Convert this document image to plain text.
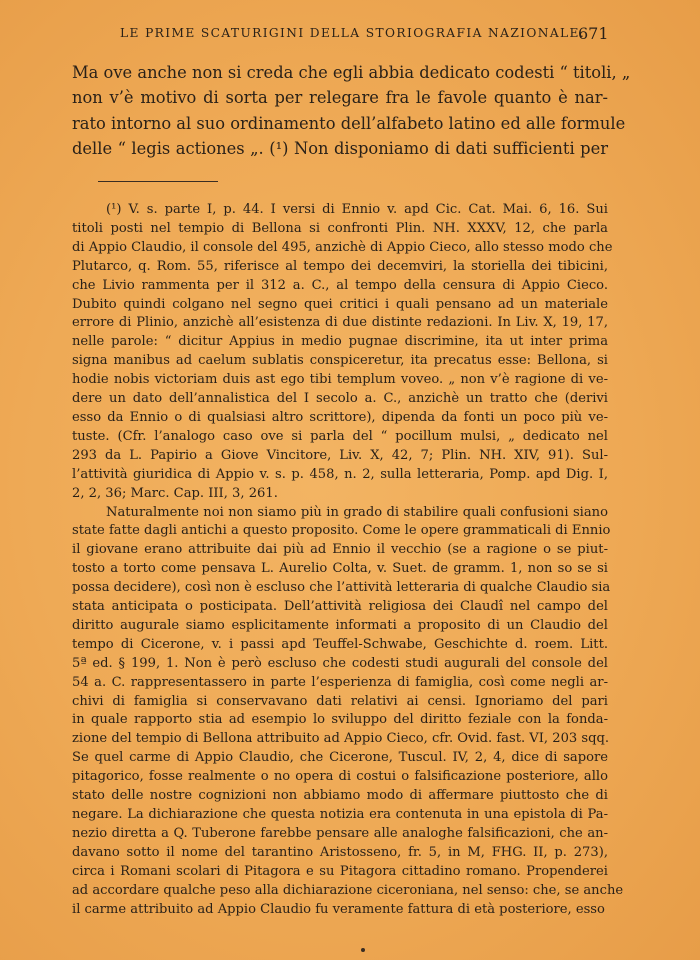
LE PRIME SCATURIGINI DELLA STORIOGRAFIA NAZIONALE.
671
Ma ove anche non si creda che egli abbia dedicato codesti “ titoli, „
non v’è motivo di sorta per relegare fra le favole quanto è nar-
rato intorno al suo ordinamento dell’alfabeto latino ed alle formule
delle “ legis actiones „. (¹) Non disponiamo di dati sufficienti per
(¹) V. s. parte I, p. 44. I versi di Ennio v. apd Cic. Cat. Mai. 6, 16. Sui
titoli posti nel tempio di Bellona si confronti Plin. NH. XXXV, 12, che parla
di Appio Claudio, il console del 495, anzichè di Appio Cieco, allo stesso modo che
Plutarco, q. Rom. 55, riferisce al tempo dei decemviri, la storiella dei tibicini,
che Livio rammenta per il 312 a. C., al tempo della censura di Appio Cieco.
Dubito quindi colgano nel segno quei critici i quali pensano ad un materiale
errore di Plinio, anzichè all’esistenza di due distinte redazioni. In Liv. X, 19, 17,
nelle parole: “ dicitur Appius in medio pugnae discrimine, ita ut inter prima
signa manibus ad caelum sublatis conspiceretur, ita precatus esse: Bellona, si
hodie nobis victoriam duis ast ego tibi templum voveo. „ non v’è ragione di ve-
dere un dato dell’annalistica del I secolo a. C., anzichè un tratto che (derivi
esso da Ennio o di qualsiasi altro scrittore), dipenda da fonti un poco più ve-
tuste. (Cfr. l’analogo caso ove si parla del “ pocillum mulsi, „ dedicato nel
293 da L. Papirio a Giove Vincitore, Liv. X, 42, 7; Plin. NH. XIV, 91). Sul-
l’attività giuridica di Appio v. s. p. 458, n. 2, sulla letteraria, Pomp. apd Dig. I,
2, 2, 36; Marc. Cap. III, 3, 261.
Naturalmente noi non siamo più in grado di stabilire quali confusioni siano
state fatte dagli antichi a questo proposito. Come le opere grammaticali di Ennio
il giovane erano attribuite dai più ad Ennio il vecchio (se a ragione o se piut-
tosto a torto come pensava L. Aurelio Colta, v. Suet. de gramm. 1, non so se si
possa decidere), così non è escluso che l’attività letteraria di qualche Claudio sia
stata anticipata o posticipata. Dell’attività religiosa dei Claudî nel campo del
diritto augurale siamo esplicitamente informati a proposito di un Claudio del
tempo di Cicerone, v. i passi apd Teuffel-Schwabe, Geschichte d. roem. Litt.
5ª ed. § 199, 1. Non è però escluso che codesti studi augurali del console del
54 a. C. rappresentassero in parte l’esperienza di famiglia, così come negli ar-
chivi di famiglia si conservavano dati relativi ai censi. Ignoriamo del pari
in quale rapporto stia ad esempio lo sviluppo del diritto feziale con la fonda-
zione del tempio di Bellona attribuito ad Appio Cieco, cfr. Ovid. fast. VI, 203 sqq.
Se quel carme di Appio Claudio, che Cicerone, Tuscul. IV, 2, 4, dice di sapore
pitagorico, fosse realmente o no opera di costui o falsificazione posteriore, allo
stato delle nostre cognizioni non abbiamo modo di affermare piuttosto che di
negare. La dichiarazione che questa notizia era contenuta in una epistola di Pa-
nezio diretta a Q. Tuberone farebbe pensare alle analoghe falsificazioni, che an-
davano sotto il nome del tarantino Aristosseno, fr. 5, in M, FHG. II, p. 273),
circa i Romani scolari di Pitagora e su Pitagora cittadino romano. Propenderei
ad accordare qualche peso alla dichiarazione ciceroniana, nel senso: che, se anche
il carme attribuito ad Appio Claudio fu veramente fattura di età posteriore, esso
